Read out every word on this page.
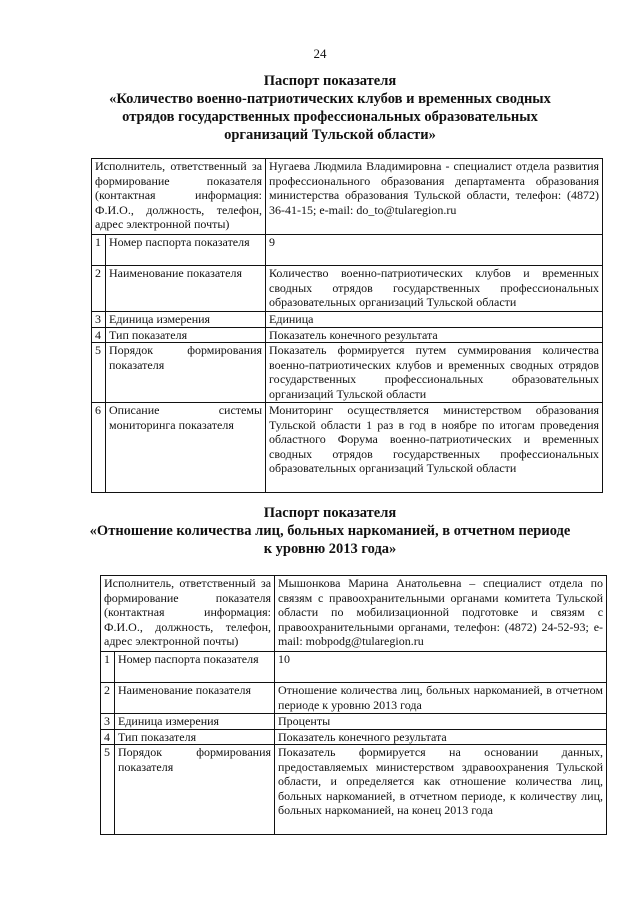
24
Паспорт показателя
«Количество военно-патриотических клубов и временных сводных
отрядов государственных профессиональных образовательных
организаций Тульской области»
Исполнитель, ответственный за формирование показателя (контактная информация: Ф.И.О., должность, телефон, адрес электронной почты)		Нугаева Людмила Владимировна - специалист отдела развития профессионального образования департамента образования министерства образования Тульской области, телефон: (4872) 36-41-15; e-mail: do_to@tularegion.ru
1	Номер паспорта показателя	9
2	Наименование показателя	Количество военно-патриотических клубов и временных сводных отрядов государственных профессиональных образовательных организаций Тульской области
3	Единица измерения	Единица
4	Тип показателя	Показатель конечного результата
5	Порядок формирования показателя	Показатель формируется путем суммирования количества военно-патриотических клубов и временных сводных отрядов государственных профессиональных образовательных организаций Тульской области
6	Описание системы мониторинга показателя	Мониторинг осуществляется министерством образования Тульской области 1 раз в год в ноябре по итогам проведения областного Форума военно-патриотических и временных сводных отрядов государственных профессиональных образовательных организаций Тульской области
Паспорт показателя
«Отношение количества лиц, больных наркоманией, в отчетном периоде
к уровню 2013 года»
Исполнитель, ответственный за формирование показателя (контактная информация: Ф.И.О., должность, телефон, адрес электронной почты)		Мышонкова Марина Анатольевна – специалист отдела по связям с правоохранительными органами комитета Тульской области по мобилизационной подготовке и связям с правоохранительными органами, телефон: (4872) 24-52-93; e-mail: mobpodg@tularegion.ru
1	Номер паспорта показателя	10
2	Наименование показателя	Отношение количества лиц, больных наркоманией, в отчетном периоде к уровню 2013 года
3	Единица измерения	Проценты
4	Тип показателя	Показатель конечного результата
5	Порядок формирования показателя	Показатель формируется на основании данных, предоставляемых министерством здравоохранения Тульской области, и определяется как отношение количества лиц, больных наркоманией, в отчетном периоде, к количеству лиц, больных наркоманией, на конец 2013 года
